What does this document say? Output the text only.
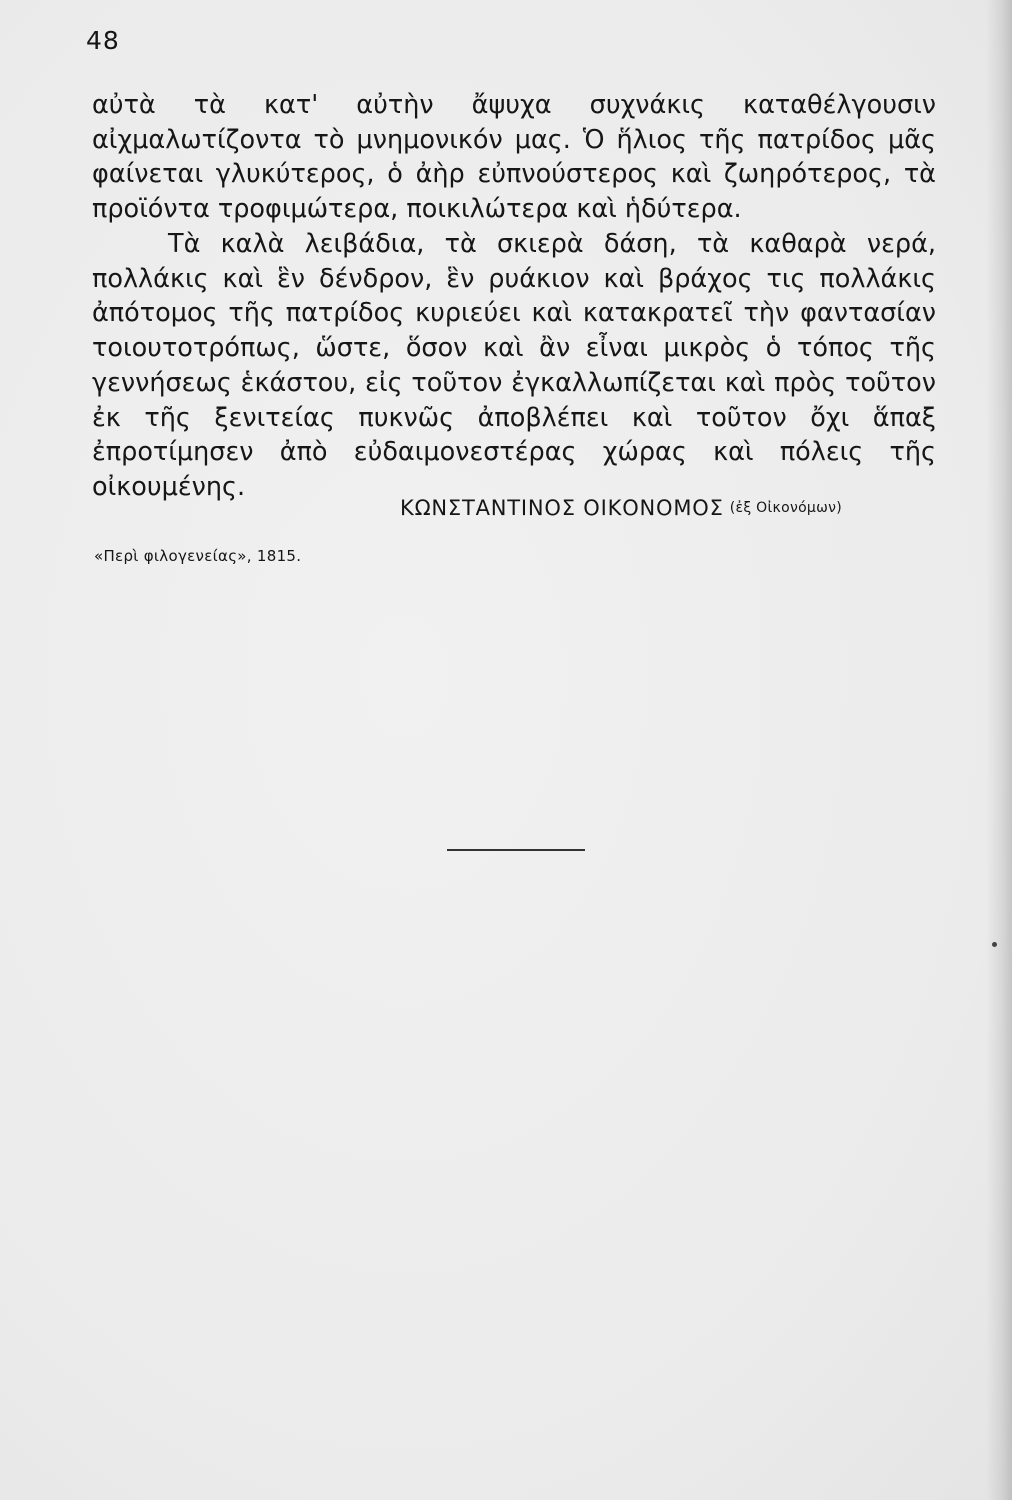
48

αὐτὰ τὰ κατ' αὐτὴν ἄψυχα συχνάκις καταθέλγουσιν αἰχμαλωτίζοντα τὸ μνημονικόν μας. Ὁ ἥλιος τῆς πατρίδος μᾶς φαίνεται γλυκύτερος, ὁ ἀὴρ εὐπνούστερος καὶ ζωηρότερος, τὰ προϊόντα τροφιμώτερα, ποικιλώτερα καὶ ἡδύτερα.

Τὰ καλὰ λειβάδια, τὰ σκιερὰ δάση, τὰ καθαρὰ νερά, πολλάκις καὶ ἓν δένδρον, ἓν ρυάκιον καὶ βράχος τις πολλάκις ἀπότομος τῆς πατρίδος κυριεύει καὶ κατακρατεῖ τὴν φαντασίαν τοιουτοτρόπως, ὥστε, ὅσον καὶ ἂν εἶναι μικρὸς ὁ τόπος τῆς γεννήσεως ἑκάστου, εἰς τοῦτον ἐγκαλλωπίζεται καὶ πρὸς τοῦτον ἐκ τῆς ξενιτείας πυκνῶς ἀποβλέπει καὶ τοῦτον ὄχι ἅπαξ ἐπροτίμησεν ἀπὸ εὐδαιμονεστέρας χώρας καὶ πόλεις τῆς οἰκουμένης.

ΚΩΝΣΤΑΝΤΙΝΟΣ ΟΙΚΟΝΟΜΟΣ (ἐξ Οἰκονόμων)
«Περὶ φιλογενείας», 1815.
